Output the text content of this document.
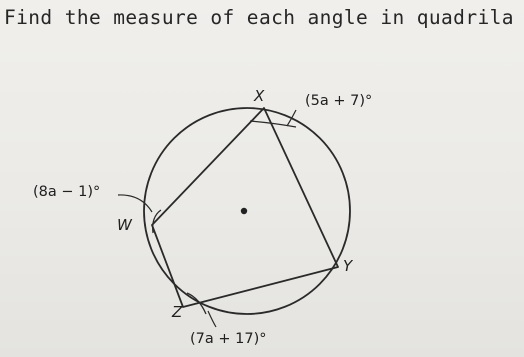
Find the measure of each angle in quadrila
X
Y
Z
W
(5a + 7)°
(8a − 1)°
(7a + 17)°
